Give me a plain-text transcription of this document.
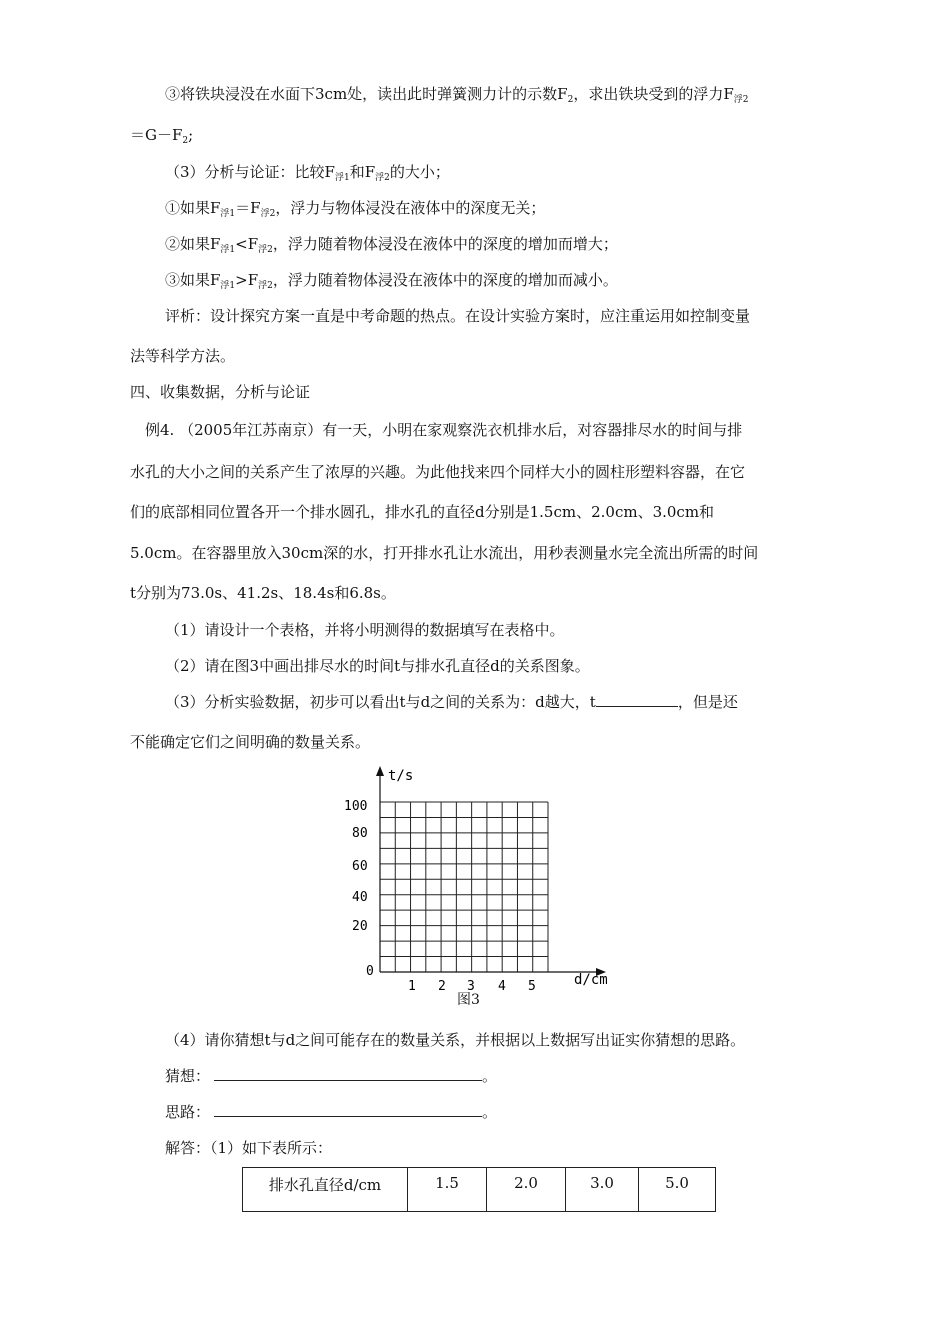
③将铁块浸没在水面下3cm处，读出此时弹簧测力计的示数$F_2$，求出铁块受到的浮力$F_{浮2}$
$=G-F_2$;
（3）分析与论证：比较$F_{浮1}$和$F_{浮2}$的大小；
①如果$F_{浮1}=F_{浮2}$，浮力与物体浸没在液体中的深度无关；
②如果$F_{浮1}<F_{浮2}$，浮力随着物体浸没在液体中的深度的增加而增大；
③如果$F_{浮1}>F_{浮2}$，浮力随着物体浸没在液体中的深度的增加而减小。
评析：设计探究方案一直是中考命题的热点。在设计实验方案时，应注重运用如控制变量
法等科学方法。
四、收集数据，分析与论证
例4. （2005年江苏南京）有一天，小明在家观察洗衣机排水后，对容器排尽水的时间与排
水孔的大小之间的关系产生了浓厚的兴趣。为此他找来四个同样大小的圆柱形塑料容器，在它
们的底部相同位置各开一个排水圆孔，排水孔的直径d分别是1.5cm、2.0cm、3.0cm和
5.0cm。在容器里放入30cm深的水，打开排水孔让水流出，用秒表测量水完全流出所需的时间
t分别为73.0s、41.2s、18.4s和6.8s。
（1）请设计一个表格，并将小明测得的数据填写在表格中。
（2）请在图3中画出排尽水的时间t与排水孔直径d的关系图象。
（3）分析实验数据，初步可以看出t与d之间的关系为：d越大，t	，但是还
不能确定它们之间明确的数量关系。
t/s
d/cm
0
100
80
60
40
20
1 2 3 4 5
图3
（4）请你猜想t与d之间可能存在的数量关系，并根据以上数据写出证实你猜想的思路。
猜想：	。
思路：	。
解答：（1）如下表所示：
排水孔直径d/cm	1.5	2.0	3.0	5.0
